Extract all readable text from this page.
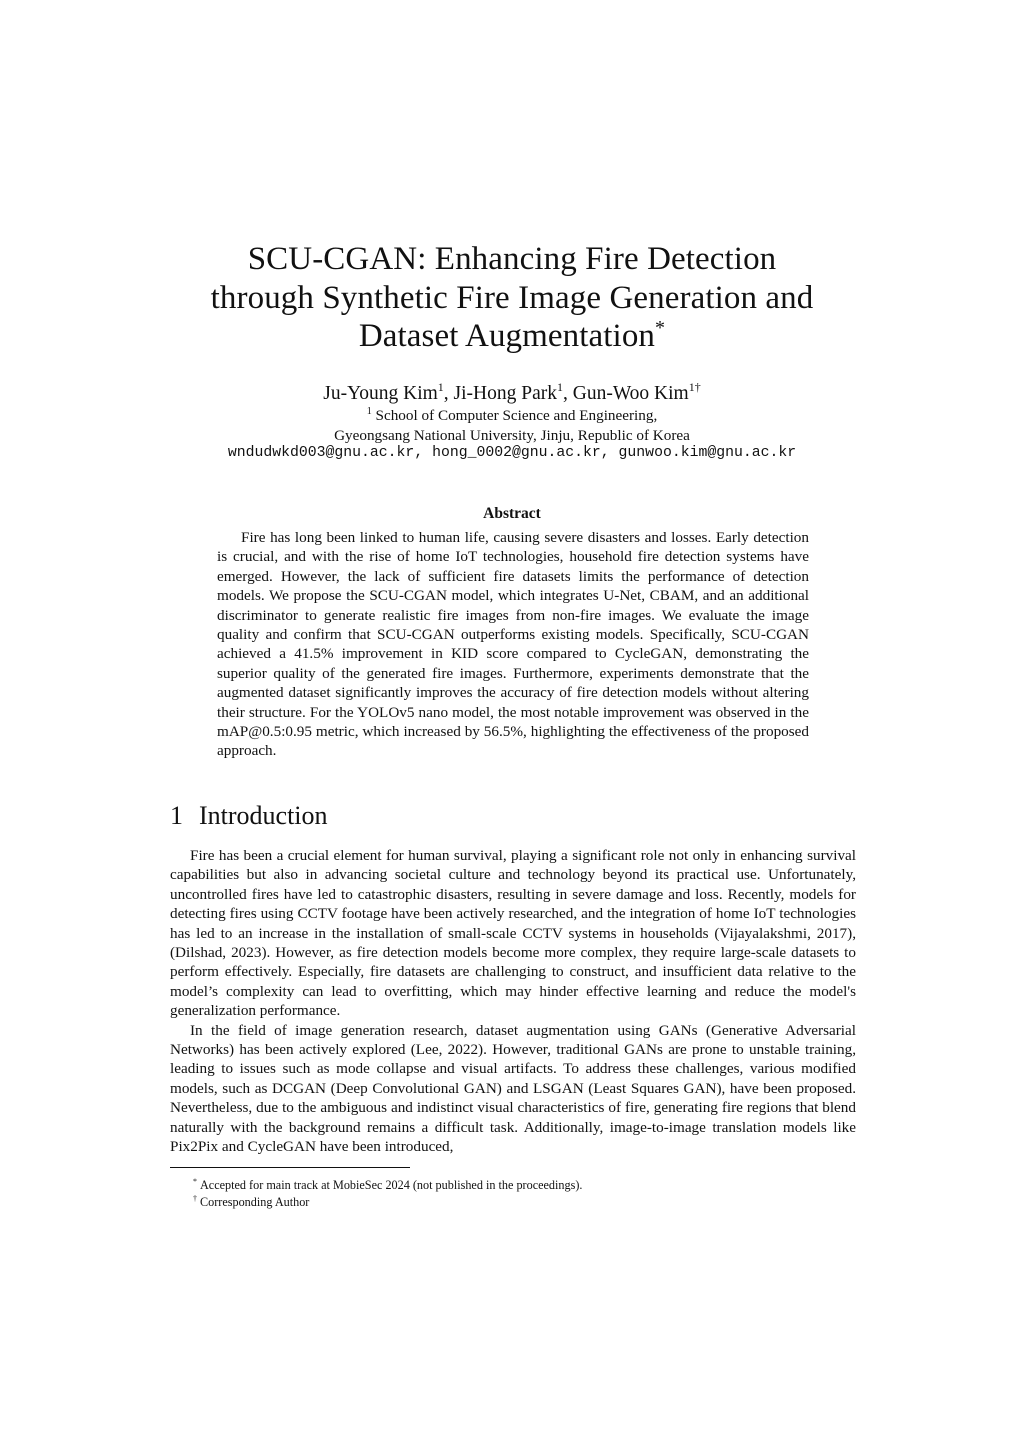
SCU-CGAN: Enhancing Fire Detection

through Synthetic Fire Image Generation and

Dataset Augmentation*

Ju-Young Kim$^1$, Ji-Hong Park$^1$, Gun-Woo Kim$^{1\dagger}$
$^1$ School of Computer Science and Engineering,
Gyeongsang National University, Jinju, Republic of Korea
wndudwkd003@gnu.ac.kr, hong_0002@gnu.ac.kr, gunwoo.kim@gnu.ac.kr
Abstract

Fire has long been linked to human life, causing severe disasters and losses. Early detection is crucial, and with the rise of home IoT technologies, household fire detection systems have emerged. However, the lack of sufficient fire datasets limits the performance of detection models. We propose the SCU-CGAN model, which integrates U-Net, CBAM, and an additional discriminator to generate realistic fire images from non-fire images. We evaluate the image quality and confirm that SCU-CGAN outperforms existing models. Specifically, SCU-CGAN achieved a 41.5% improvement in KID score compared to CycleGAN, demonstrating the superior quality of the generated fire images. Furthermore, experiments demonstrate that the augmented dataset significantly improves the accuracy of fire detection models without altering their structure. For the YOLOv5 nano model, the most notable improvement was observed in the mAP@0.5:0.95 metric, which increased by 56.5%, highlighting the effectiveness of the proposed approach.

1 Introduction

Fire has been a crucial element for human survival, playing a significant role not only in enhancing survival capabilities but also in advancing societal culture and technology beyond its practical use. Unfortunately, uncontrolled fires have led to catastrophic disasters, resulting in severe damage and loss. Recently, models for detecting fires using CCTV footage have been actively researched, and the integration of home IoT technologies has led to an increase in the installation of small-scale CCTV systems in households (Vijayalakshmi, 2017), (Dilshad, 2023). However, as fire detection models become more complex, they require large-scale datasets to perform effectively. Especially, fire datasets are challenging to construct, and insufficient data relative to the model’s complexity can lead to overfitting, which may hinder effective learning and reduce the model's generalization performance.

In the field of image generation research, dataset augmentation using GANs (Generative Adversarial Networks) has been actively explored (Lee, 2022). However, traditional GANs are prone to unstable training, leading to issues such as mode collapse and visual artifacts. To address these challenges, various modified models, such as DCGAN (Deep Convolutional GAN) and LSGAN (Least Squares GAN), have been proposed. Nevertheless, due to the ambiguous and indistinct visual characteristics of fire, generating fire regions that blend naturally with the background remains a difficult task. Additionally, image-to-image translation models like Pix2Pix and CycleGAN have been introduced,

* Accepted for main track at MobieSec 2024 (not published in the proceedings).
† Corresponding Author
